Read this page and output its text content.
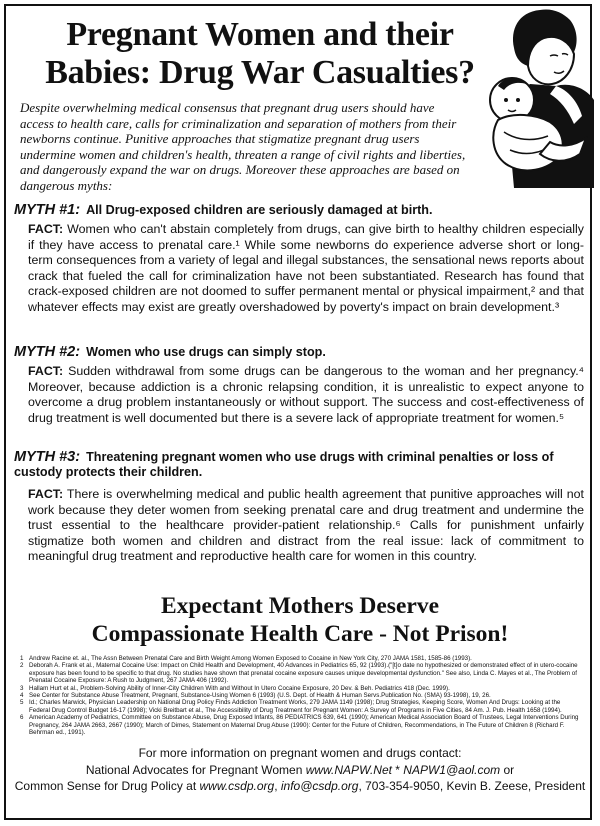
Pregnant Women and their
Babies: Drug War Casualties?
Despite overwhelming medical consensus that pregnant drug users should have access to health care, calls for criminalization and separation of mothers from their newborns continue. Punitive approaches that stigmatize pregnant drug users undermine women and children's health, threaten a range of civil rights and liberties, and dangerously expand the war on drugs. Moreover these approaches are based on dangerous myths:
MYTH #1: All Drug-exposed children are seriously damaged at birth.
FACT: Women who can't abstain completely from drugs, can give birth to healthy children especially if they have access to prenatal care.¹ While some newborns do experience adverse short or long-term consequences from a variety of legal and illegal substances, the sensational news reports about crack that fueled the call for criminalization have not been substantiated. Research has found that crack-exposed children are not doomed to suffer permanent mental or physical impairment,² and that whatever effects may exist are greatly overshadowed by poverty's impact on brain development.³
MYTH #2: Women who use drugs can simply stop.
FACT: Sudden withdrawal from some drugs can be dangerous to the woman and her pregnancy.⁴ Moreover, because addiction is a chronic relapsing condition, it is unrealistic to expect anyone to overcome a drug problem instantaneously or without support. The success and cost-effectiveness of drug treatment is well documented but there is a severe lack of appropriate treatment for women.⁵
MYTH #3: Threatening pregnant women who use drugs with criminal penalties or loss of custody protects their children.
FACT: There is overwhelming medical and public health agreement that punitive approaches will not work because they deter women from seeking prenatal care and drug treatment and undermine the trust essential to the healthcare provider-patient relationship.⁶ Calls for punishment unfairly stigmatize both women and children and distract from the real issue: lack of commitment to meaningful drug treatment and reproductive health care for women in this country.
Expectant Mothers Deserve
Compassionate Health Care - Not Prison!
1 Andrew Racine et. al., The Assn Between Prenatal Care and Birth Weight Among Women Exposed to Cocaine in New York City, 270 JAMA 1581, 1585-86 (1993).
2 Deborah A. Frank et al., Maternal Cocaine Use: Impact on Child Health and Development, 40 Advances in Pediatrics 65, 92 (1993).("[t]o date no hypothesized or demonstrated effect of in utero-cocaine exposure has been found to be specific to that drug. No studies have shown that prenatal cocaine exposure causes unique developmental dysfunction." See also, Linda C. Mayes et al., The Problem of Prenatal Cocaine Exposure: A Rush to Judgment, 267 JAMA 406 (1992).
3 Hallam Hurt et al., Problem-Solving Ability of Inner-City Children With and Without In Utero Cocaine Exposure, 20 Dev. & Beh. Pediatrics 418 (Dec. 1999).
4 See Center for Substance Abuse Treatment, Pregnant, Substance-Using Women 6 (1993) (U.S. Dept. of Health & Human Servs.Publication No. (SMA) 93-1998), 19, 26.
5 Id.; Charles Marwick, Physician Leadership on National Drug Policy Finds Addiction Treatment Works, 279 JAMA 1149 (1998); Drug Strategies, Keeping Score, Women And Drugs: Looking at the Federal Drug Control Budget 16-17 (1998); Vicki Breitbart et al., The Accessibility of Drug Treatment for Pregnant Women: A Survey of Programs in Five Cities, 84 Am. J. Pub. Health 1658 (1994).
6 American Academy of Pediatrics, Committee on Substance Abuse, Drug Exposed Infants, 86 PEDIATRICS 639, 641 (1990); American Medical Association Board of Trustees, Legal Interventions During Pregnancy, 264 JAMA 2663, 2667 (1990); March of Dimes, Statement on Maternal Drug Abuse (1990): Center for the Future of Children, Recommendations, in The Future of Children 8 (Richard F. Behrman ed., 1991).
For more information on pregnant women and drugs contact:
National Advocates for Pregnant Women www.NAPW.Net * NAPW1@aol.com or
Common Sense for Drug Policy at www.csdp.org, info@csdp.org, 703-354-9050, Kevin B. Zeese, President
